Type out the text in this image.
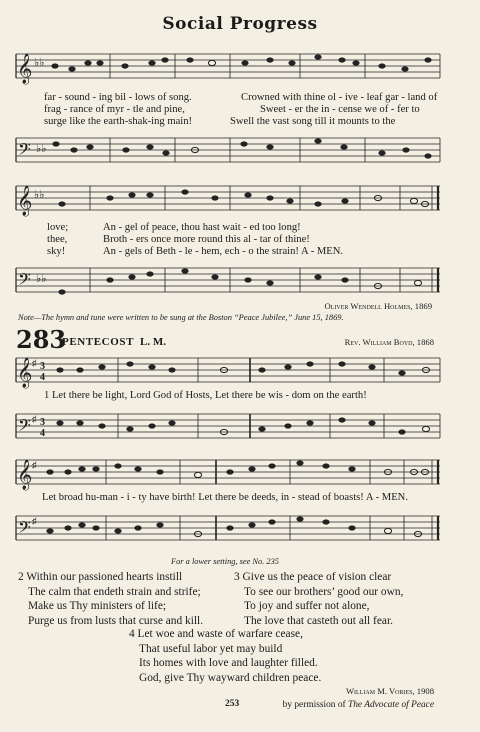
Social Progress
𝄞 ♭♭
far - sound - ing bil - lows of song.	Crowned with thine ol - ive - leaf gar - land of
frag - rance of myr - tle and pine,	Sweet - er the in - cense we of - fer to
surge like the earth-shak-ing main!	Swell the vast song till it mounts to the
𝄢 ♭♭
𝄞 ♭♭
love;	An - gel of peace, thou hast wait - ed too long!
thee,	Broth - ers once more round this al - tar of thine!
sky!	An - gels of Beth - le - hem, ech - o the strain! A - MEN.
𝄢 ♭♭
Oliver Wendell Holmes, 1869
Note—The hymn and tune were written to be sung at the Boston “Peace Jubilee,” June 15, 1869.
283
PENTECOST L. M.	Rev. William Boyd, 1868
𝄞 ♯ 3
4
1 Let there be light, Lord God of Hosts, Let there be wis - dom on the earth!
𝄢 ♯ 3
4
𝄞 ♯
Let broad hu-man - i - ty have birth! Let there be deeds, in - stead of boasts! A - MEN.
𝄢 ♯
For a lower setting, see No. 235
2 Within our passioned hearts instill
The calm that endeth strain and strife;
Make us Thy ministers of life;
Purge us from lusts that curse and kill.
3 Give us the peace of vision clear
To see our brothers’ good our own,
To joy and suffer not alone,
The love that casteth out all fear.
4 Let woe and waste of warfare cease,
That useful labor yet may build
Its homes with love and laughter filled.
God, give Thy wayward children peace.
William M. Vories, 1908
253	by permission of The Advocate of Peace
